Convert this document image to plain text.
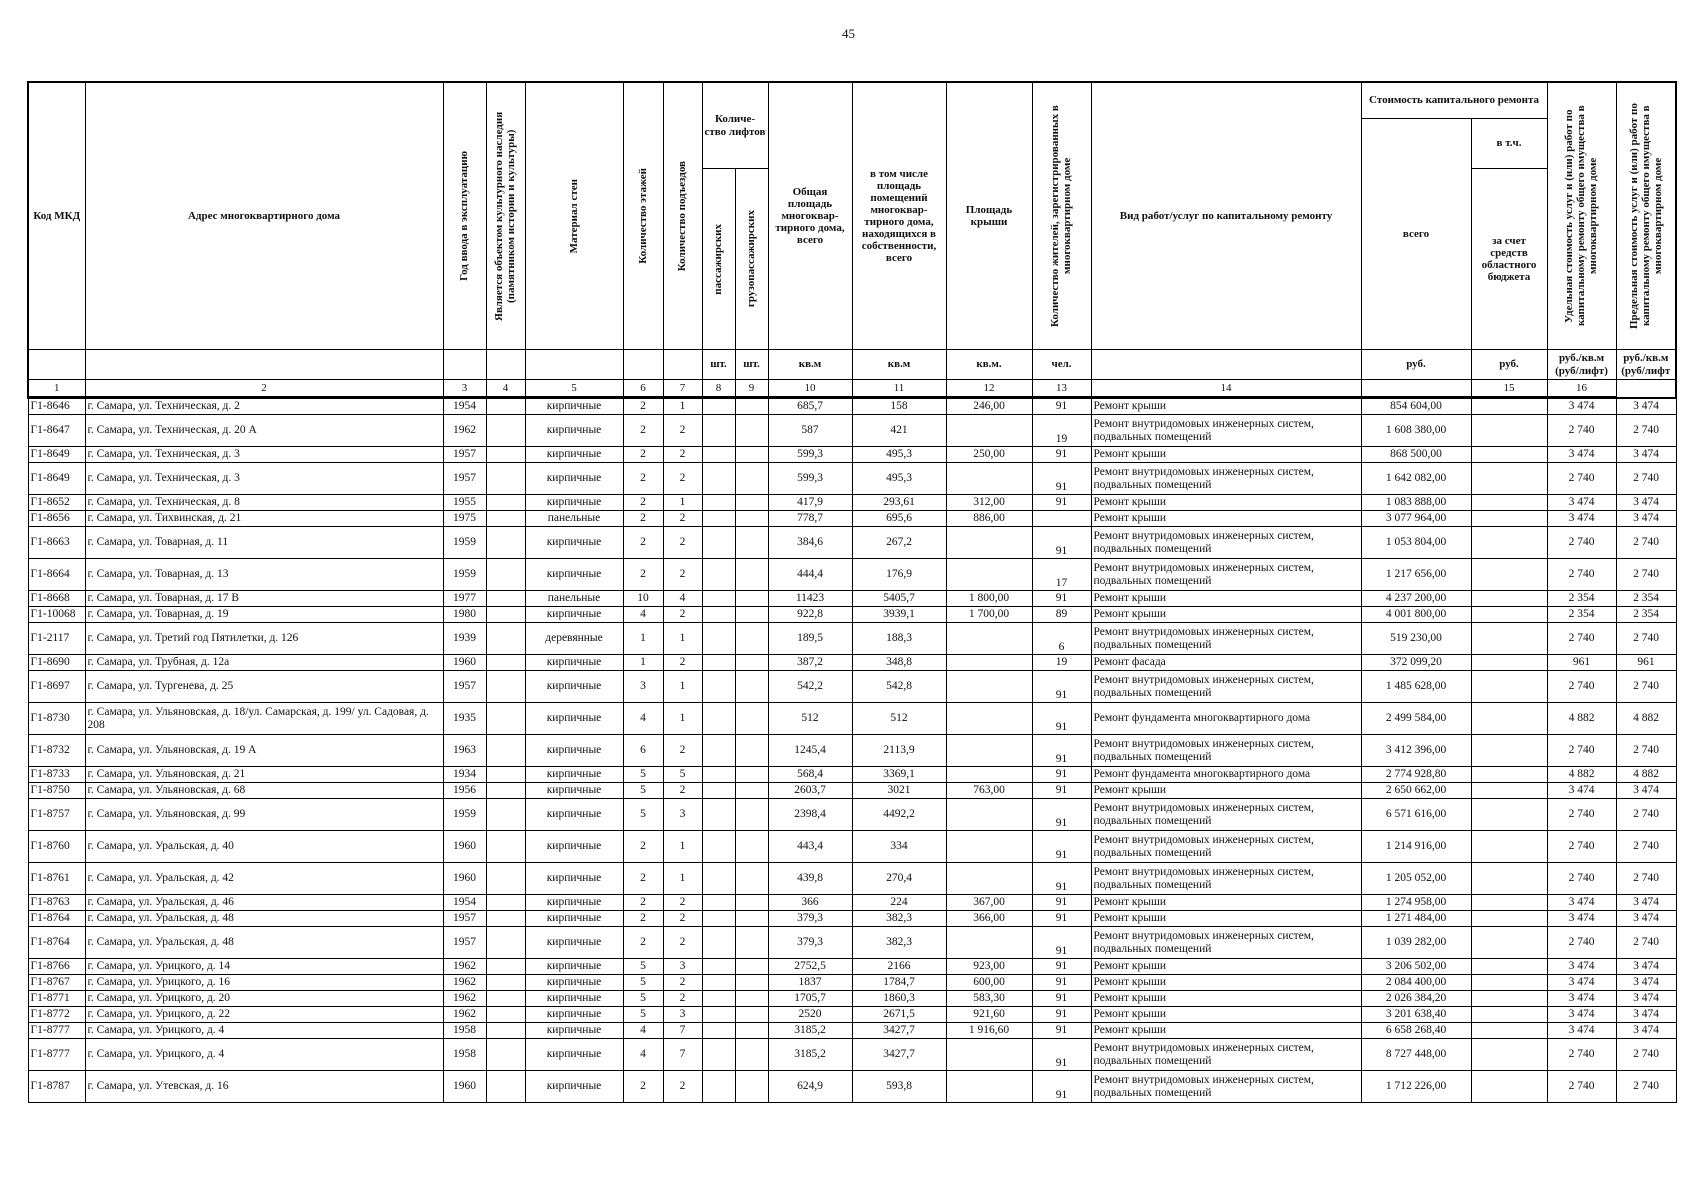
45
Код МКД	Адрес многоквартирного дома	Год ввода в эксплуатацию	Является объектом культурного наследия (памятником истории и культуры)	Материал стен	Количество этажей	Количество подъездов	Количе-ство лифтов		Общая площадь многоквар-тирного дома, всего	в том числе площадь помещений многоквар-тирного дома, находящихся в собственности, всего	Площадь крыши	Количество жителей, зарегистрированных в многоквартирном доме	Вид работ/услуг по капитальному ремонту	Стоимость капитального ремонта		Удельная стоимость услуг и (или) работ по капитальному ремонту общего имущества в многоквартирном доме	Предельная стоимость услуг и (или) работ по капитальному ремонту общего имущества в многоквартирном доме

														всего	в т.ч.		

							пассажирских	грузопассажирских							за счет средств областного бюджета		
							шт.	шт.	кв.м	кв.м	кв.м.	чел.		руб.	руб.	руб./кв.м (руб/лифт)	руб./кв.м (руб/лифт
1	2	3	4	5	6	7	8	9	10	11	12	13	14		15	16	
Г1-8646	г. Самара, ул. Техническая, д. 2	1954		кирпичные	2	1			685,7	158	246,00	91	Ремонт крыши	854 604,00		3 474	3 474
Г1-8647	г. Самара, ул. Техническая, д. 20 А	1962		кирпичные	2	2			587	421		19	Ремонт внутридомовых инженерных систем, подвальных помещений	1 608 380,00		2 740	2 740
Г1-8649	г. Самара, ул. Техническая, д. 3	1957		кирпичные	2	2			599,3	495,3	250,00	91	Ремонт крыши	868 500,00		3 474	3 474
Г1-8649	г. Самара, ул. Техническая, д. 3	1957		кирпичные	2	2			599,3	495,3		91	Ремонт внутридомовых инженерных систем, подвальных помещений	1 642 082,00		2 740	2 740
Г1-8652	г. Самара, ул. Техническая, д. 8	1955		кирпичные	2	1			417,9	293,61	312,00	91	Ремонт крыши	1 083 888,00		3 474	3 474
Г1-8656	г. Самара, ул. Тихвинская, д. 21	1975		панельные	2	2			778,7	695,6	886,00		Ремонт крыши	3 077 964,00		3 474	3 474
Г1-8663	г. Самара, ул. Товарная, д. 11	1959		кирпичные	2	2			384,6	267,2		91	Ремонт внутридомовых инженерных систем, подвальных помещений	1 053 804,00		2 740	2 740
Г1-8664	г. Самара, ул. Товарная, д. 13	1959		кирпичные	2	2			444,4	176,9		17	Ремонт внутридомовых инженерных систем, подвальных помещений	1 217 656,00		2 740	2 740
Г1-8668	г. Самара, ул. Товарная, д. 17 В	1977		панельные	10	4			11423	5405,7	1 800,00	91	Ремонт крыши	4 237 200,00		2 354	2 354
Г1-10068	г. Самара, ул. Товарная, д. 19	1980		кирпичные	4	2			922,8	3939,1	1 700,00	89	Ремонт крыши	4 001 800,00		2 354	2 354
Г1-2117	г. Самара, ул. Третий год Пятилетки, д. 126	1939		деревянные	1	1			189,5	188,3		6	Ремонт внутридомовых инженерных систем, подвальных помещений	519 230,00		2 740	2 740
Г1-8690	г. Самара, ул. Трубная, д. 12а	1960		кирпичные	1	2			387,2	348,8		19	Ремонт фасада	372 099,20		961	961
Г1-8697	г. Самара, ул. Тургенева, д. 25	1957		кирпичные	3	1			542,2	542,8		91	Ремонт внутридомовых инженерных систем, подвальных помещений	1 485 628,00		2 740	2 740
Г1-8730	г. Самара, ул. Ульяновская, д. 18/ул. Самарская, д. 199/ ул. Садовая, д. 208	1935		кирпичные	4	1			512	512		91	Ремонт фундамента многоквартирного дома	2 499 584,00		4 882	4 882
Г1-8732	г. Самара, ул. Ульяновская, д. 19 А	1963		кирпичные	6	2			1245,4	2113,9		91	Ремонт внутридомовых инженерных систем, подвальных помещений	3 412 396,00		2 740	2 740
Г1-8733	г. Самара, ул. Ульяновская, д. 21	1934		кирпичные	5	5			568,4	3369,1		91	Ремонт фундамента многоквартирного дома	2 774 928,80		4 882	4 882
Г1-8750	г. Самара, ул. Ульяновская, д. 68	1956		кирпичные	5	2			2603,7	3021	763,00	91	Ремонт крыши	2 650 662,00		3 474	3 474
Г1-8757	г. Самара, ул. Ульяновская, д. 99	1959		кирпичные	5	3			2398,4	4492,2		91	Ремонт внутридомовых инженерных систем, подвальных помещений	6 571 616,00		2 740	2 740
Г1-8760	г. Самара, ул. Уральская, д. 40	1960		кирпичные	2	1			443,4	334		91	Ремонт внутридомовых инженерных систем, подвальных помещений	1 214 916,00		2 740	2 740
Г1-8761	г. Самара, ул. Уральская, д. 42	1960		кирпичные	2	1			439,8	270,4		91	Ремонт внутридомовых инженерных систем, подвальных помещений	1 205 052,00		2 740	2 740
Г1-8763	г. Самара, ул. Уральская, д. 46	1954		кирпичные	2	2			366	224	367,00	91	Ремонт крыши	1 274 958,00		3 474	3 474
Г1-8764	г. Самара, ул. Уральская, д. 48	1957		кирпичные	2	2			379,3	382,3	366,00	91	Ремонт крыши	1 271 484,00		3 474	3 474
Г1-8764	г. Самара, ул. Уральская, д. 48	1957		кирпичные	2	2			379,3	382,3		91	Ремонт внутридомовых инженерных систем, подвальных помещений	1 039 282,00		2 740	2 740
Г1-8766	г. Самара, ул. Урицкого, д. 14	1962		кирпичные	5	3			2752,5	2166	923,00	91	Ремонт крыши	3 206 502,00		3 474	3 474
Г1-8767	г. Самара, ул. Урицкого, д. 16	1962		кирпичные	5	2			1837	1784,7	600,00	91	Ремонт крыши	2 084 400,00		3 474	3 474
Г1-8771	г. Самара, ул. Урицкого, д. 20	1962		кирпичные	5	2			1705,7	1860,3	583,30	91	Ремонт крыши	2 026 384,20		3 474	3 474
Г1-8772	г. Самара, ул. Урицкого, д. 22	1962		кирпичные	5	3			2520	2671,5	921,60	91	Ремонт крыши	3 201 638,40		3 474	3 474
Г1-8777	г. Самара, ул. Урицкого, д. 4	1958		кирпичные	4	7			3185,2	3427,7	1 916,60	91	Ремонт крыши	6 658 268,40		3 474	3 474
Г1-8777	г. Самара, ул. Урицкого, д. 4	1958		кирпичные	4	7			3185,2	3427,7		91	Ремонт внутридомовых инженерных систем, подвальных помещений	8 727 448,00		2 740	2 740
Г1-8787	г. Самара, ул. Утевская, д. 16	1960		кирпичные	2	2			624,9	593,8		91	Ремонт внутридомовых инженерных систем, подвальных помещений	1 712 226,00		2 740	2 740
